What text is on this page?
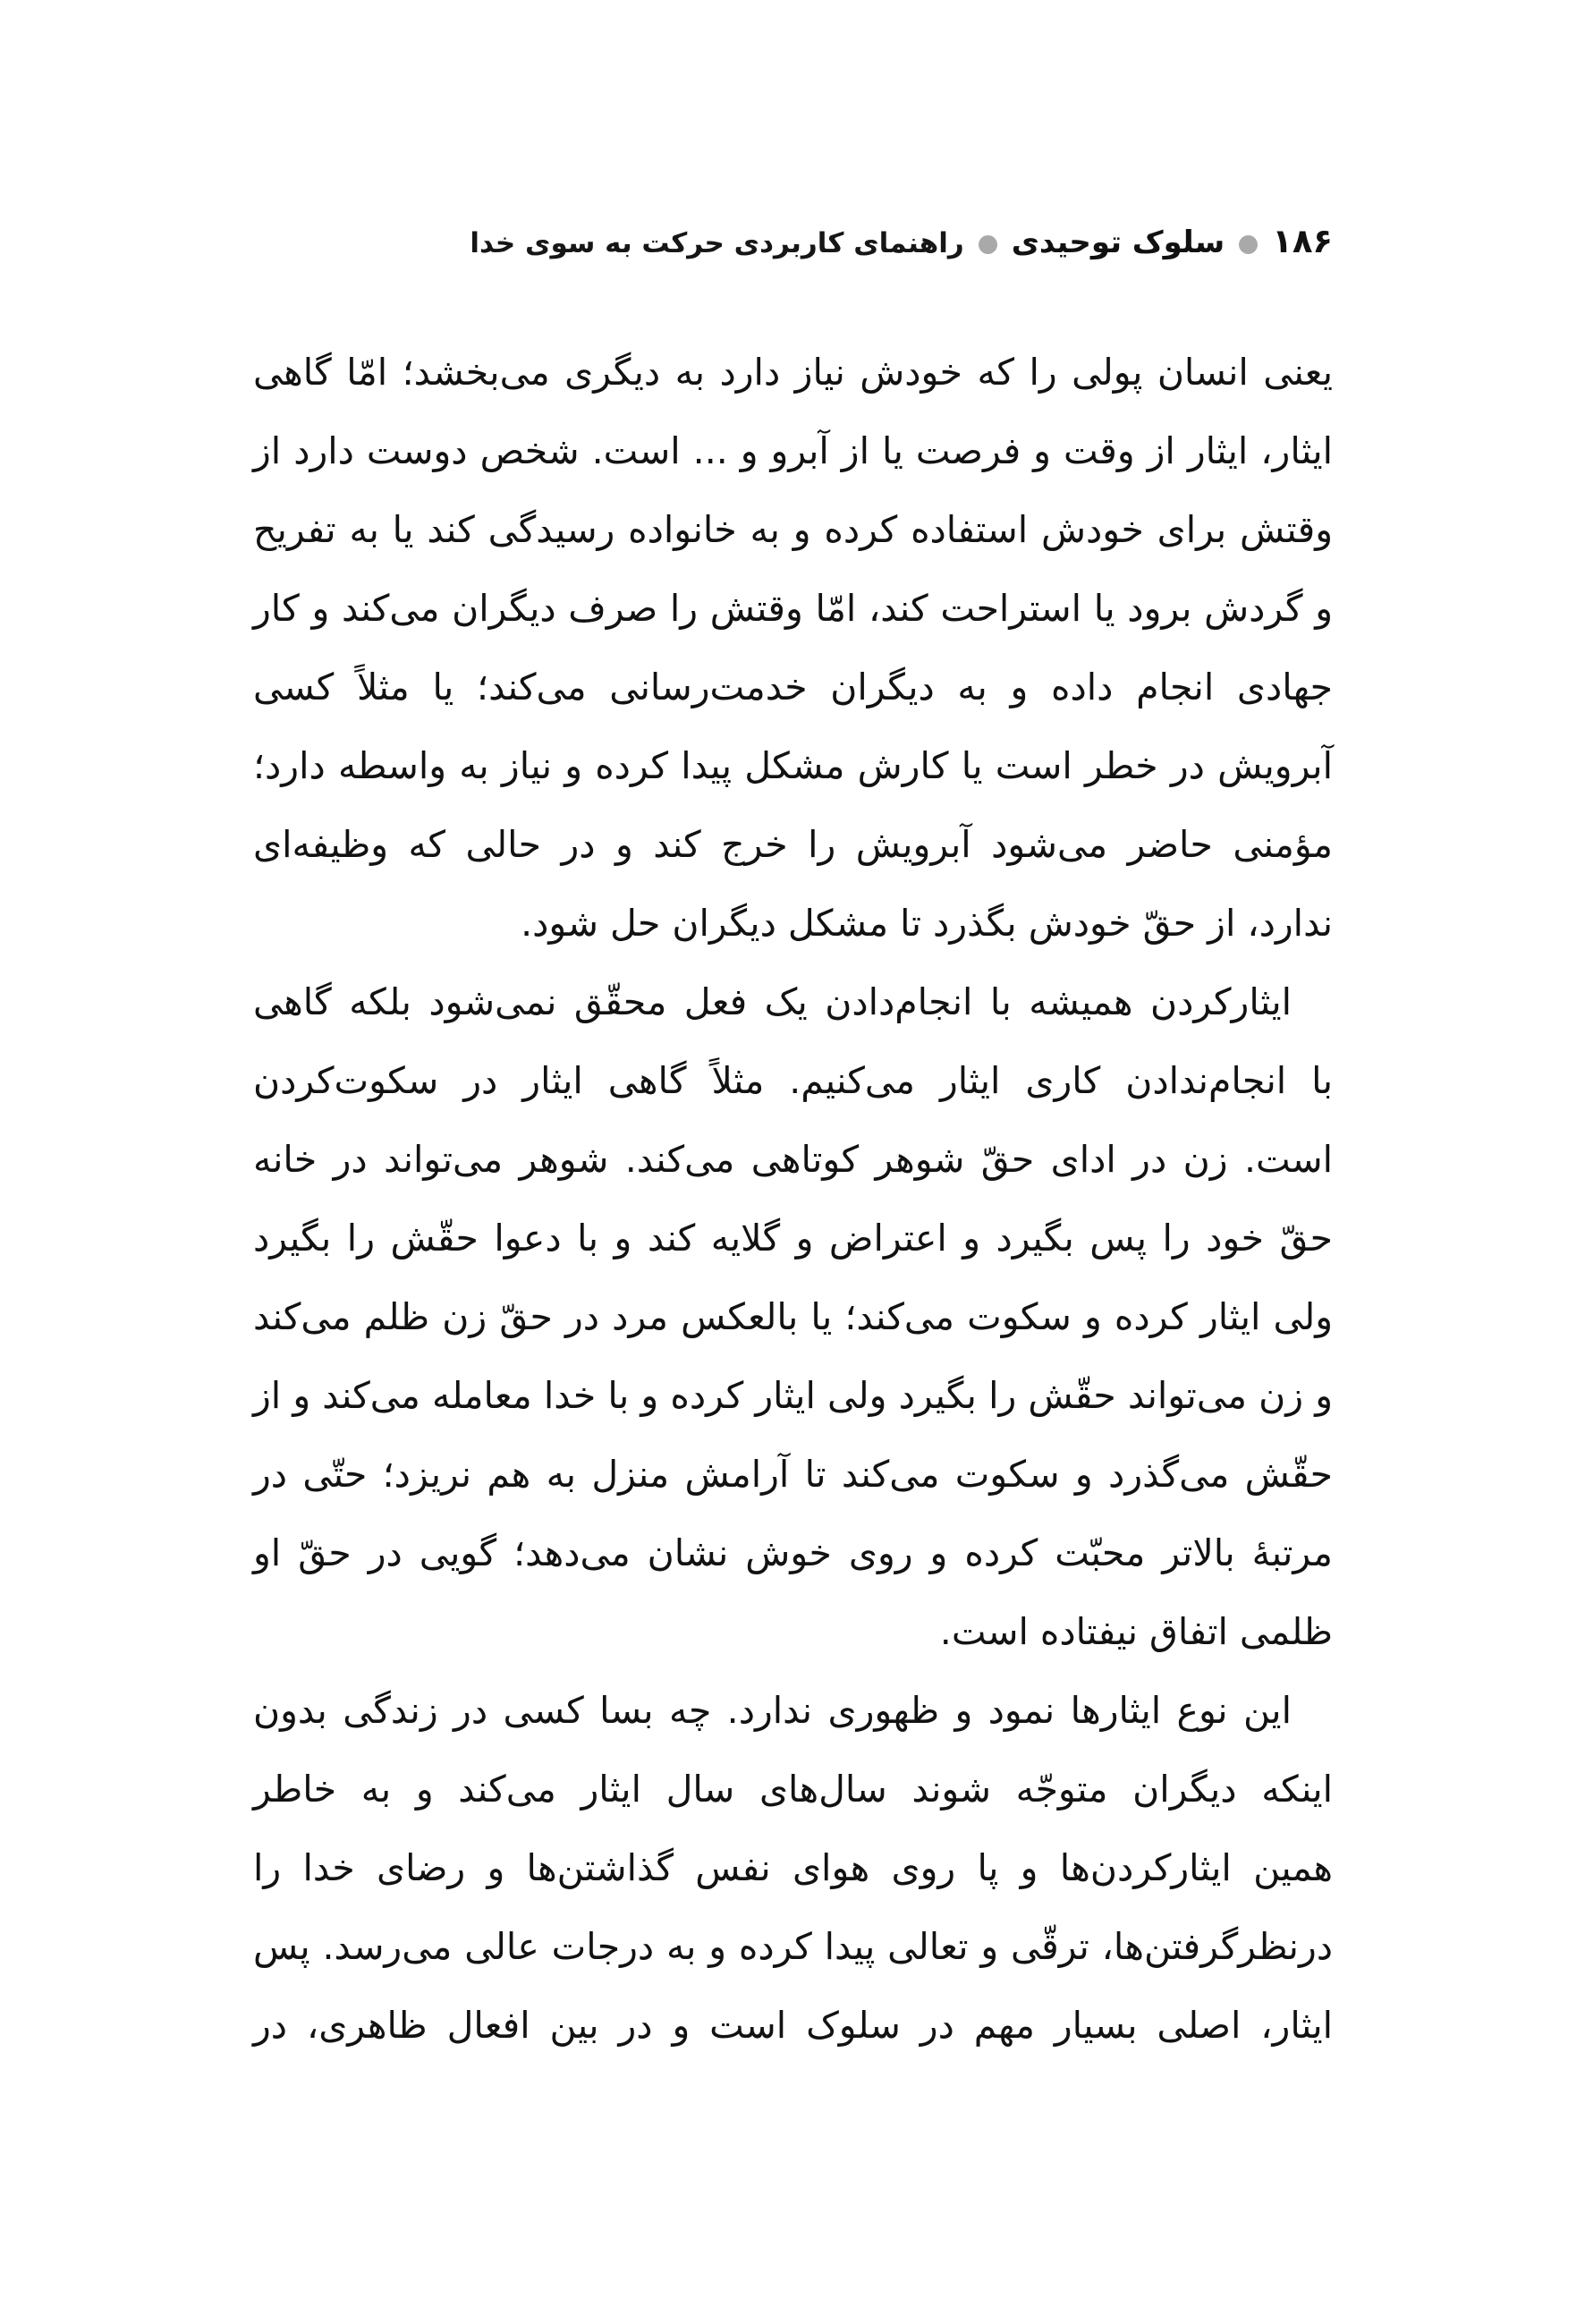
۱۸۶سلوک توحیدیراهنمای کاربردی حرکت به سوی خدا
یعنی انسان پولی را که خودش نیاز دارد به دیگری می‌بخشد؛ امّا گاهی
ایثار، ایثار از وقت و فرصت یا از آبرو و ... است. شخص دوست دارد از
وقتش برای خودش استفاده کرده و به خانواده رسیدگی کند یا به تفریح
و گردش برود یا استراحت کند، امّا وقتش را صرف دیگران می‌کند و کار
جهادی انجام داده و به دیگران خدمت‌رسانی می‌کند؛ یا مثلاً کسی
آبرویش در خطر است یا کارش مشکل پیدا کرده و نیاز به واسطه دارد؛
مؤمنی حاضر می‌شود آبرویش را خرج کند و در حالی که وظیفه‌ای
ندارد، از حقّ خودش بگذرد تا مشکل دیگران حل شود.
ایثارکردن همیشه با انجام‌دادن یک فعل محقّق نمی‌شود بلکه گاهی
با انجام‌ندادن کاری ایثار می‌کنیم. مثلاً گاهی ایثار در سکوت‌کردن
است. زن در ادای حقّ شوهر کوتاهی می‌کند. شوهر می‌تواند در خانه
حقّ خود را پس بگیرد و اعتراض و گلایه کند و با دعوا حقّش را بگیرد
ولی ایثار کرده و سکوت می‌کند؛ یا بالعکس مرد در حقّ زن ظلم می‌کند
و زن می‌تواند حقّش را بگیرد ولی ایثار کرده و با خدا معامله می‌کند و از
حقّش می‌گذرد و سکوت می‌کند تا آرامش منزل به هم نریزد؛ حتّی در
مرتبهٔ بالاتر محبّت کرده و روی خوش نشان می‌دهد؛ گویی در حقّ او
ظلمی اتفاق نیفتاده است.
این نوع ایثارها نمود و ظهوری ندارد. چه بسا کسی در زندگی بدون
اینکه دیگران متوجّه شوند سال‌های سال ایثار می‌کند و به خاطر
همین ایثارکردن‌ها و پا روی هوای نفس گذاشتن‌ها و رضای خدا را
درنظرگرفتن‌ها، ترقّی و تعالی پیدا کرده و به درجات عالی می‌رسد. پس
ایثار، اصلی بسیار مهم در سلوک است و در بین افعال ظاهری، در
